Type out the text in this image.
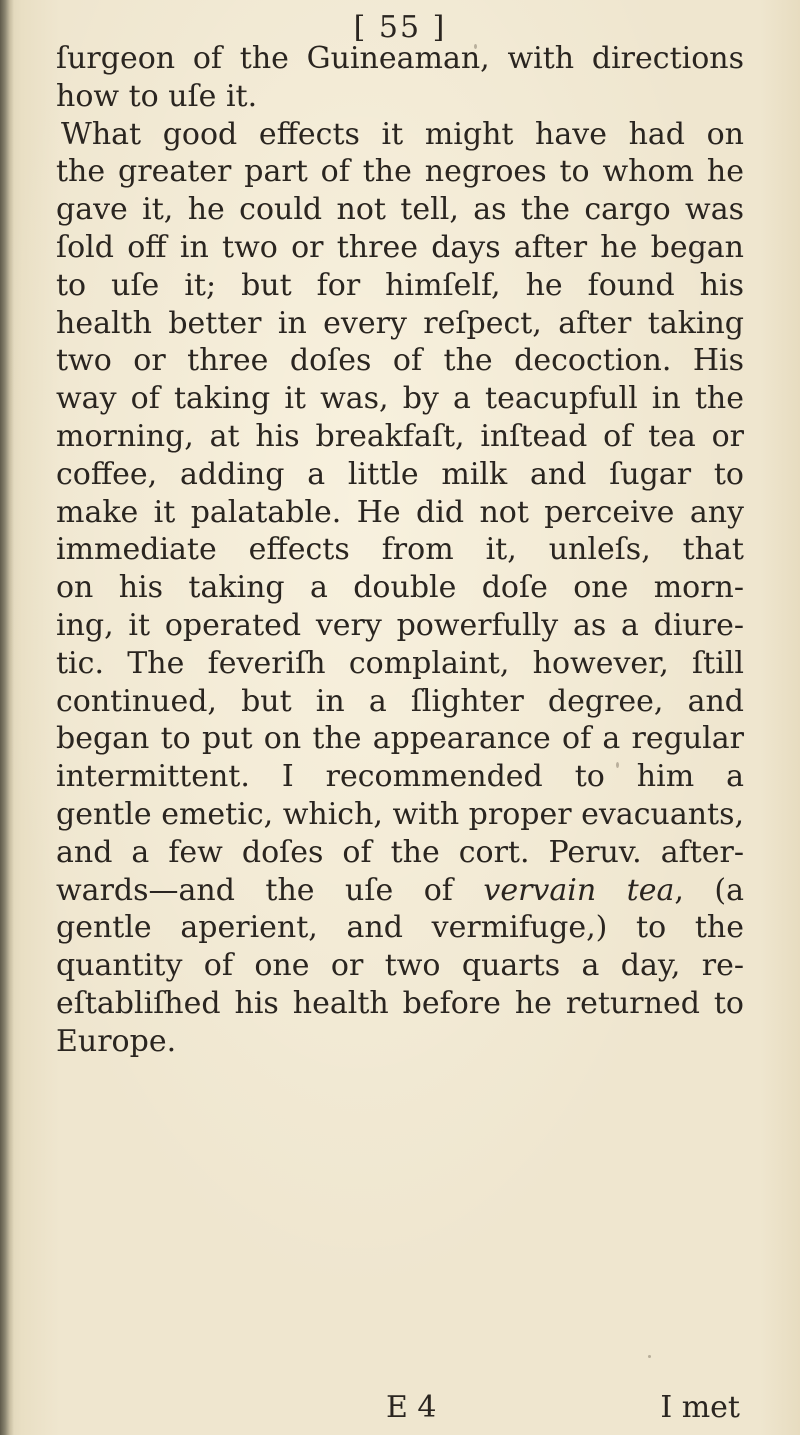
[ 55 ]
ſurgeon of the Guineaman, with directions
how to uſe it.
What good effects it might have had on
the greater part of the negroes to whom he
gave it, he could not tell, as the cargo was
ſold off in two or three days after he began
to uſe it; but for himſelf, he found his
health better in every reſpect, after taking
two or three doſes of the decoction. His
way of taking it was, by a teacupfull in the
morning, at his breakfaſt, inſtead of tea or
coffee, adding a little milk and ſugar to
make it palatable. He did not perceive any
immediate effects from it, unleſs, that
on his taking a double doſe one morn-
ing, it operated very powerfully as a diure-
tic. The feveriſh complaint, however, ſtill
continued, but in a ſlighter degree, and
began to put on the appearance of a regular
intermittent. I recommended to him a
gentle emetic, which, with proper evacuants,
and a few doſes of the cort. Peruv. after-
wards—and the uſe of vervain tea, (a
gentle aperient, and vermifuge,) to the
quantity of one or two quarts a day, re-
eſtabliſhed his health before he returned to
Europe.
E 4	I met
